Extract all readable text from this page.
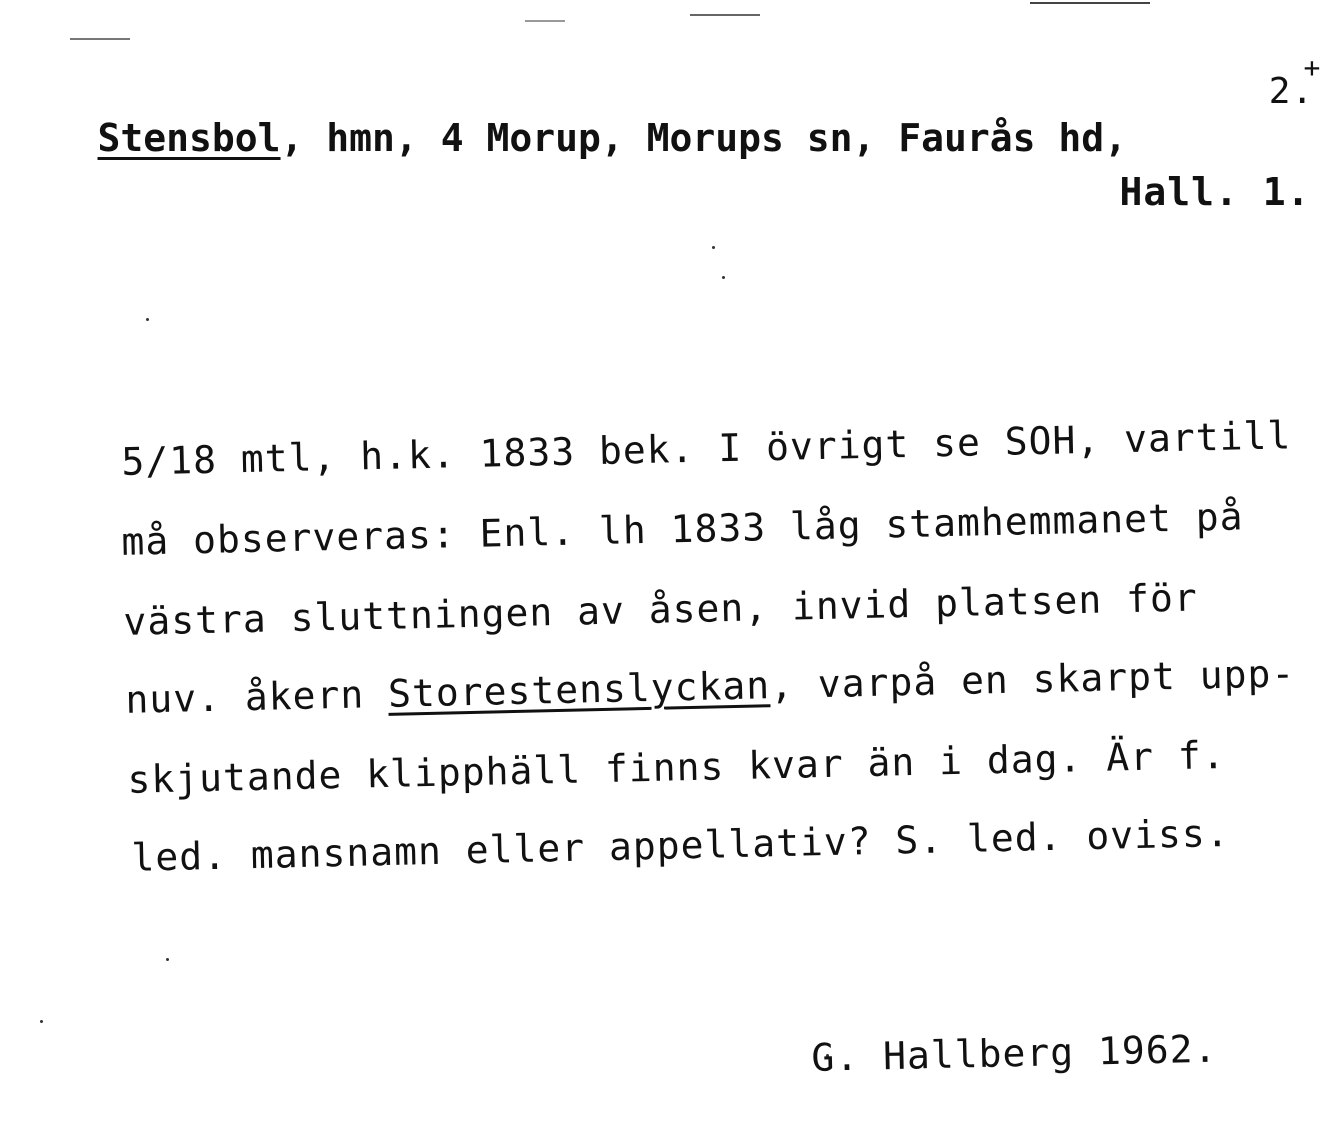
2.

+

Stensbol, hmn, 4 Morup, Morups sn, Faurås hd,

Hall. 1.

5/18 mtl, h.k. 1833 bek. I övrigt se SOH, vartill

må observeras: Enl. lh 1833 låg stamhemmanet på

västra sluttningen av åsen, invid platsen för

nuv. åkern Storestenslyckan, varpå en skarpt upp-

skjutande klipphäll finns kvar än i dag. Är f.

led. mansnamn eller appellativ? S. led. oviss.

G. Hallberg 1962.
